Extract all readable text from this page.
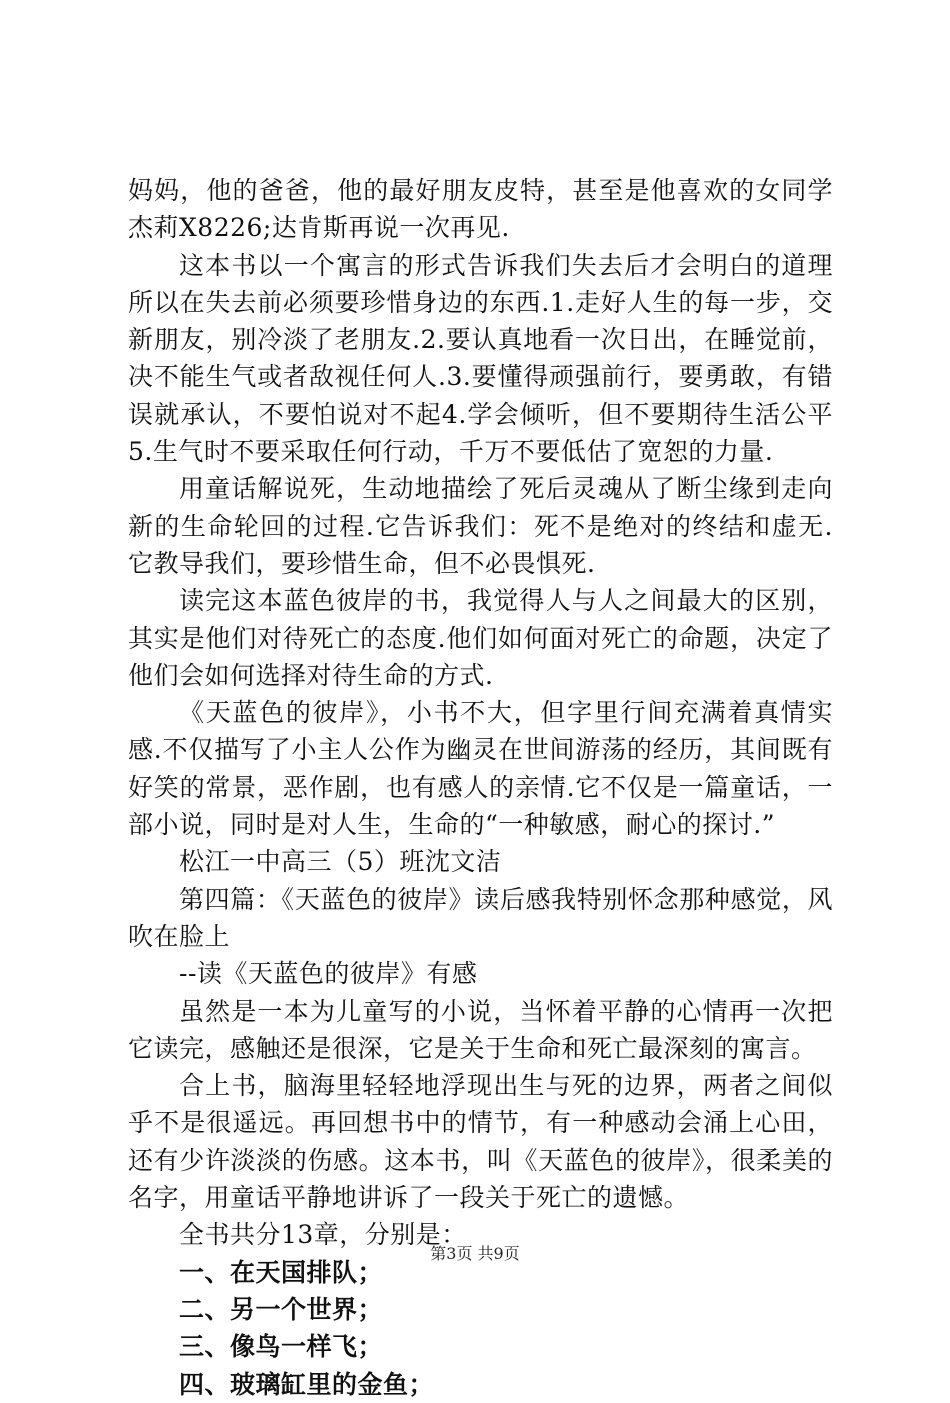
妈妈，他的爸爸，他的最好朋友皮特，甚至是他喜欢的女同学杰莉X8226;达肯斯再说一次再见.

这本书以一个寓言的形式告诉我们失去后才会明白的道理所以在失去前必须要珍惜身边的东西.1.走好人生的每一步，交新朋友，别冷淡了老朋友.2.要认真地看一次日出，在睡觉前，决不能生气或者敌视任何人.3.要懂得顽强前行，要勇敢，有错误就承认，不要怕说对不起4.学会倾听，但不要期待生活公平5.生气时不要采取任何行动，千万不要低估了宽恕的力量.

用童话解说死，生动地描绘了死后灵魂从了断尘缘到走向新的生命轮回的过程.它告诉我们：死不是绝对的终结和虚无.它教导我们，要珍惜生命，但不必畏惧死.

读完这本蓝色彼岸的书，我觉得人与人之间最大的区别，其实是他们对待死亡的态度.他们如何面对死亡的命题，决定了他们会如何选择对待生命的方式.

《天蓝色的彼岸》，小书不大，但字里行间充满着真情实感.不仅描写了小主人公作为幽灵在世间游荡的经历，其间既有好笑的常景，恶作剧，也有感人的亲情.它不仅是一篇童话，一部小说，同时是对人生，生命的“一种敏感，耐心的探讨.”

松江一中高三（5）班沈文洁

第四篇：《天蓝色的彼岸》读后感我特别怀念那种感觉，风吹在脸上

--读《天蓝色的彼岸》有感

虽然是一本为儿童写的小说，当怀着平静的心情再一次把它读完，感触还是很深，它是关于生命和死亡最深刻的寓言。

合上书，脑海里轻轻地浮现出生与死的边界，两者之间似乎不是很遥远。再回想书中的情节，有一种感动会涌上心田，还有少许淡淡的伤感。这本书，叫《天蓝色的彼岸》，很柔美的名字，用童话平静地讲诉了一段关于死亡的遗憾。

全书共分13章，分别是：

一、在天国排队；

二、另一个世界；

三、像鸟一样飞；

四、玻璃缸里的金鱼；

第3页 共9页
